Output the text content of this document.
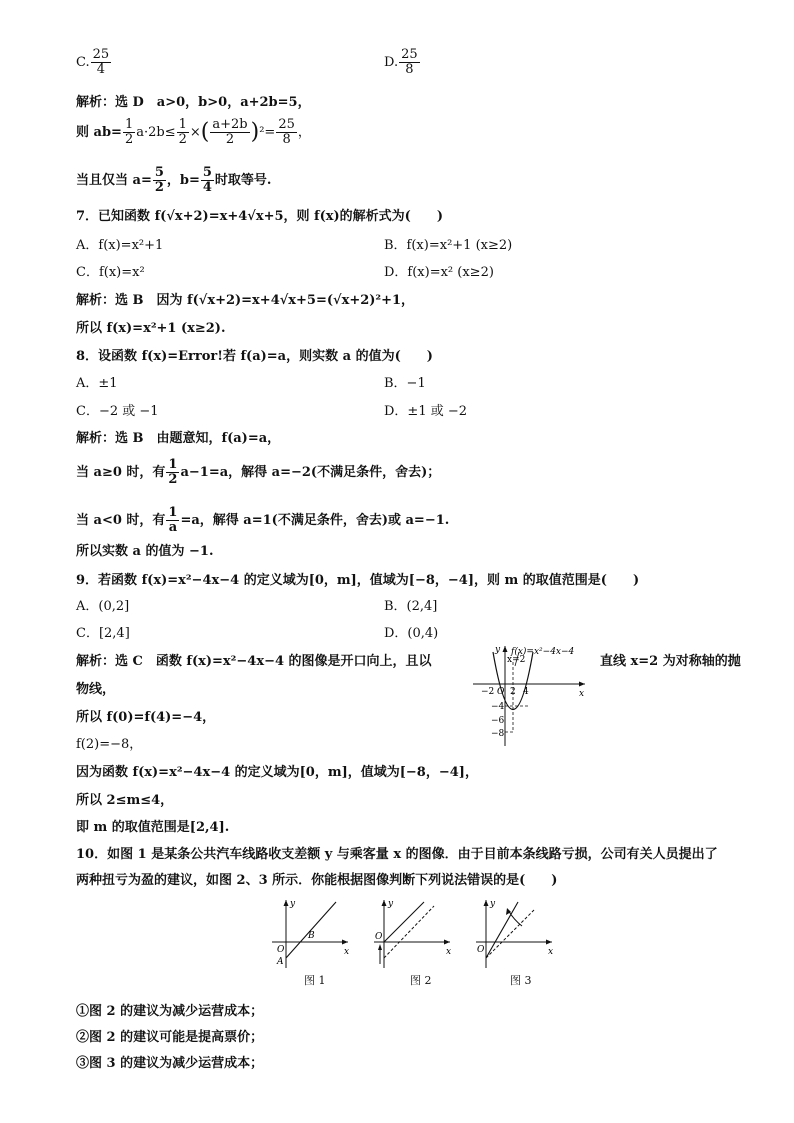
C. $\frac{25}{4}$	D. $\frac{25}{8}$
解析：选 D　a>0，b>0，a+2b=5，
则 $ab= \frac{1}{2} a\cdot 2b\le \frac{1}{2}$ ×( $\frac{a+2b}{2} )^2= \frac{25}{8}$ ，
当且仅当 $a= \frac{5}{2}$ ，$b= \frac{5}{4}$ 时取等号.
7．已知函数 f(√x+2)=x+4√x+5，则 f(x)的解析式为(　　)
A．f(x)=x²+1	B．f(x)=x²+1 (x≥2)
C．f(x)=x²	D．f(x)=x² (x≥2)
解析：选 B　因为 f(√x+2)=x+4√x+5=(√x+2)²+1，
所以 f(x)=x²+1 (x≥2).
8．设函数 f(x)=Error!若 f(a)=a，则实数 a 的值为(　　)
A．±1	B．−1
C．−2 或 −1	D．±1 或 −2
解析：选 B　由题意知，f(a)=a，
当 a≥0 时，有 $\frac{1}{2} a-1=a$，解得 a=−2(不满足条件，舍去)；
当 a<0 时，有 $\frac{1}{a} =a$，解得 a=1(不满足条件，舍去)或 a=−1.
所以实数 a 的值为 −1.
9．若函数 f(x)=x²−4x−4 的定义域为[0，m]，值域为[−8，−4]，则 m 的取值范围是(　　)
A．(0,2]	B．(2,4]
C．[2,4]	D．(0,4)
解析：选 C　函数 f(x)=x²−4x−4 的图像是开口向上，且以	直线 x=2 为对称轴的抛
物线，
所以 f(0)=f(4)=−4，
f(2)=−8，
因为函数 f(x)=x²−4x−4 的定义域为[0，m]，值域为[−8，−4]，
所以 2≤m≤4，
即 m 的取值范围是[2,4].
x=2
f(x)=x²−4x−4
y
x
O
−2 2 4
−4
−6
−8
10．如图 1 是某条公共汽车线路收支差额 y 与乘客量 x 的图像．由于目前本条线路亏损，公司有关人员提出了
两种扭亏为盈的建议，如图 2、3 所示．你能根据图像判断下列说法错误的是(　　)
y
x
O
A
B
图 1
y
x
O
图 2
y
x
O
图 3
①图 2 的建议为减少运营成本；
②图 2 的建议可能是提高票价；
③图 3 的建议为减少运营成本；
